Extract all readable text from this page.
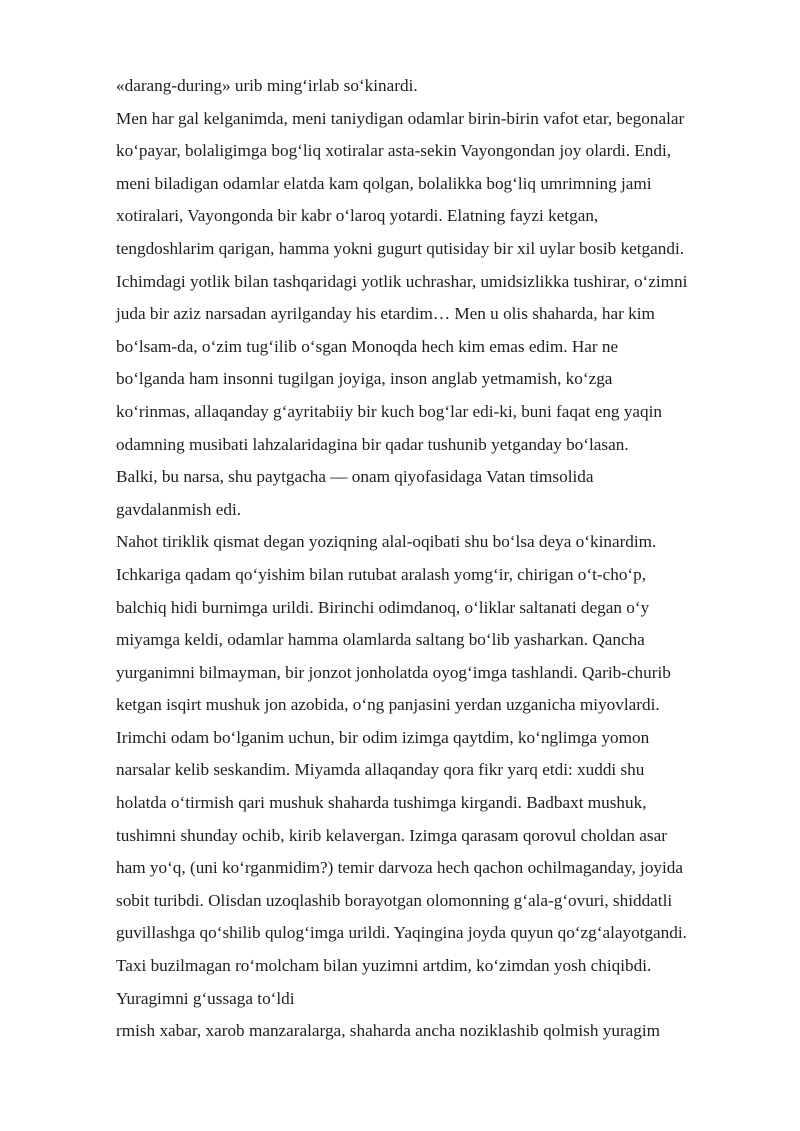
«darang-during» urib ming‘irlab so‘kinardi.
Men har gal kelganimda, meni taniydigan odamlar birin-birin vafot etar, begonalar
ko‘payar, bolaligimga bog‘liq xotiralar asta-sekin Vayongondan joy olardi. Endi,
meni biladigan odamlar elatda kam qolgan, bolalikka bog‘liq umrimning jami
xotiralari, Vayongonda bir kabr o‘laroq yotardi. Elatning fayzi ketgan,
tengdoshlarim qarigan, hamma yokni gugurt qutisiday bir xil uylar bosib ketgandi.
Ichimdagi yotlik bilan tashqaridagi yotlik uchrashar, umidsizlikka tushirar, o‘zimni
juda bir aziz narsadan ayrilganday his etardim… Men u olis shaharda, har kim
bo‘lsam-da, o‘zim tug‘ilib o‘sgan Monoqda hech kim emas edim. Har ne
bo‘lganda ham insonni tugilgan joyiga, inson anglab yetmamish, ko‘zga
ko‘rinmas, allaqanday g‘ayritabiiy bir kuch bog‘lar edi-ki, buni faqat eng yaqin
odamning musibati lahzalaridagina bir qadar tushunib yetganday bo‘lasan.
Balki, bu narsa, shu paytgacha — onam qiyofasidaga Vatan timsolida
gavdalanmish edi.
Nahot tiriklik qismat degan yoziqning alal-oqibati shu bo‘lsa deya o‘kinardim.
Ichkariga qadam qo‘yishim bilan rutubat aralash yomg‘ir, chirigan o‘t-cho‘p,
balchiq hidi burnimga urildi. Birinchi odimdanoq, o‘liklar saltanati degan o‘y
miyamga keldi, odamlar hamma olamlarda saltang bo‘lib yasharkan. Qancha
yurganimni bilmayman, bir jonzot jonholatda oyog‘imga tashlandi. Qarib-churib
ketgan isqirt mushuk jon azobida, o‘ng panjasini yerdan uzganicha miyovlardi.
Irimchi odam bo‘lganim uchun, bir odim izimga qaytdim, ko‘nglimga yomon
narsalar kelib seskandim. Miyamda allaqanday qora fikr yarq etdi: xuddi shu
holatda o‘tirmish qari mushuk shaharda tushimga kirgandi. Badbaxt mushuk,
tushimni shunday ochib, kirib kelavergan. Izimga qarasam qorovul choldan asar
ham yo‘q, (uni ko‘rganmidim?) temir darvoza hech qachon ochilmaganday, joyida
sobit turibdi. Olisdan uzoqlashib borayotgan olomonning g‘ala-g‘ovuri, shiddatli
guvillashga qo‘shilib qulog‘imga urildi. Yaqingina joyda quyun qo‘zg‘alayotgandi.
Taxi buzilmagan ro‘molcham bilan yuzimni artdim, ko‘zimdan yosh chiqibdi.
Yuragimni g‘ussaga to‘ldi
rmish xabar, xarob manzaralarga, shaharda ancha noziklashib qolmish yuragim
